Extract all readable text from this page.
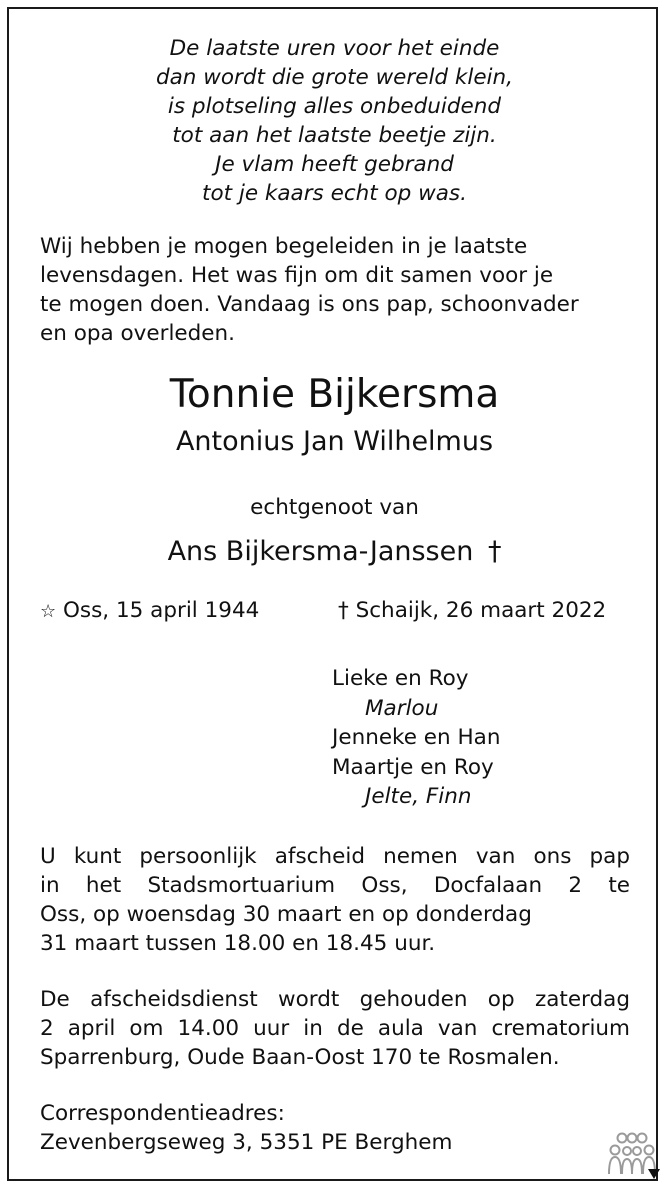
De laatste uren voor het einde
dan wordt die grote wereld klein,
is plotseling alles onbeduidend
tot aan het laatste beetje zijn.
Je vlam heeft gebrand
tot je kaars echt op was.
Wij hebben je mogen begeleiden in je laatste
levensdagen. Het was fijn om dit samen voor je
te mogen doen. Vandaag is ons pap, schoonvader
en opa overleden.
Tonnie Bijkersma
Antonius Jan Wilhelmus
echtgenoot van
Ans Bijkersma-Janssen †
☆ Oss, 15 april 1944	† Schaijk, 26 maart 2022
Lieke en Roy
Marlou
Jenneke en Han
Maartje en Roy
Jelte, Finn
U kunt persoonlijk afscheid nemen van ons pap
in het Stadsmortuarium Oss, Docfalaan 2 te
Oss, op woensdag 30 maart en op donderdag
31 maart tussen 18.00 en 18.45 uur.
De afscheidsdienst wordt gehouden op zaterdag
2 april om 14.00 uur in de aula van crematorium
Sparrenburg, Oude Baan-Oost 170 te Rosmalen.
Correspondentieadres:
Zevenbergseweg 3, 5351 PE Berghem
